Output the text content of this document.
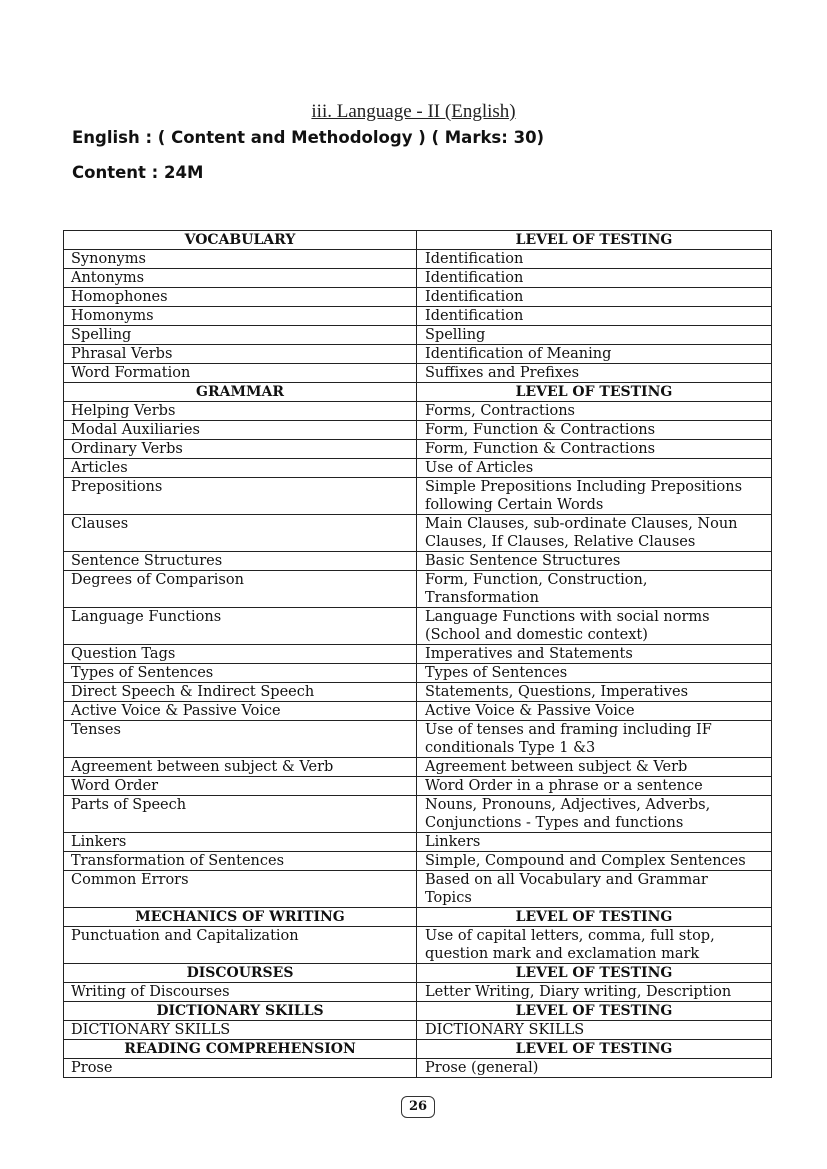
iii. Language - II (English)
English : ( Content and Methodology ) ( Marks: 30)
Content : 24M
VOCABULARY	LEVEL OF TESTING
Synonyms	Identification

Antonyms	Identification

Homophones	Identification

Homonyms	Identification

Spelling	Spelling

Phrasal Verbs	Identification of Meaning

Word Formation	Suffixes and Prefixes

GRAMMAR	LEVEL OF TESTING
Helping Verbs	Forms, Contractions

Modal Auxiliaries	Form, Function & Contractions

Ordinary Verbs	Form, Function & Contractions

Articles	Use of Articles

Prepositions	Simple Prepositions Including Prepositions
following Certain Words

Clauses	Main Clauses, sub-ordinate Clauses, Noun
Clauses, If Clauses, Relative Clauses

Sentence Structures	Basic Sentence Structures

Degrees of Comparison	Form, Function, Construction,
Transformation

Language Functions	Language Functions with social norms
(School and domestic context)

Question Tags	Imperatives and Statements

Types of Sentences	Types of Sentences

Direct Speech & Indirect Speech	Statements, Questions, Imperatives

Active Voice & Passive Voice	Active Voice & Passive Voice

Tenses	Use of tenses and framing including IF
conditionals Type 1 &3

Agreement between subject & Verb	Agreement between subject & Verb

Word Order	Word Order in a phrase or a sentence

Parts of Speech	Nouns, Pronouns, Adjectives, Adverbs,
Conjunctions - Types and functions

Linkers	Linkers

Transformation of Sentences	Simple, Compound and Complex Sentences

Common Errors	Based on all Vocabulary and Grammar
Topics

MECHANICS OF WRITING	LEVEL OF TESTING
Punctuation and Capitalization	Use of capital letters, comma, full stop,
question mark and exclamation mark

DISCOURSES	LEVEL OF TESTING
Writing of Discourses	Letter Writing, Diary writing, Description

DICTIONARY SKILLS	LEVEL OF TESTING
DICTIONARY SKILLS	DICTIONARY SKILLS

READING COMPREHENSION	LEVEL OF TESTING
Prose	Prose (general)
26
